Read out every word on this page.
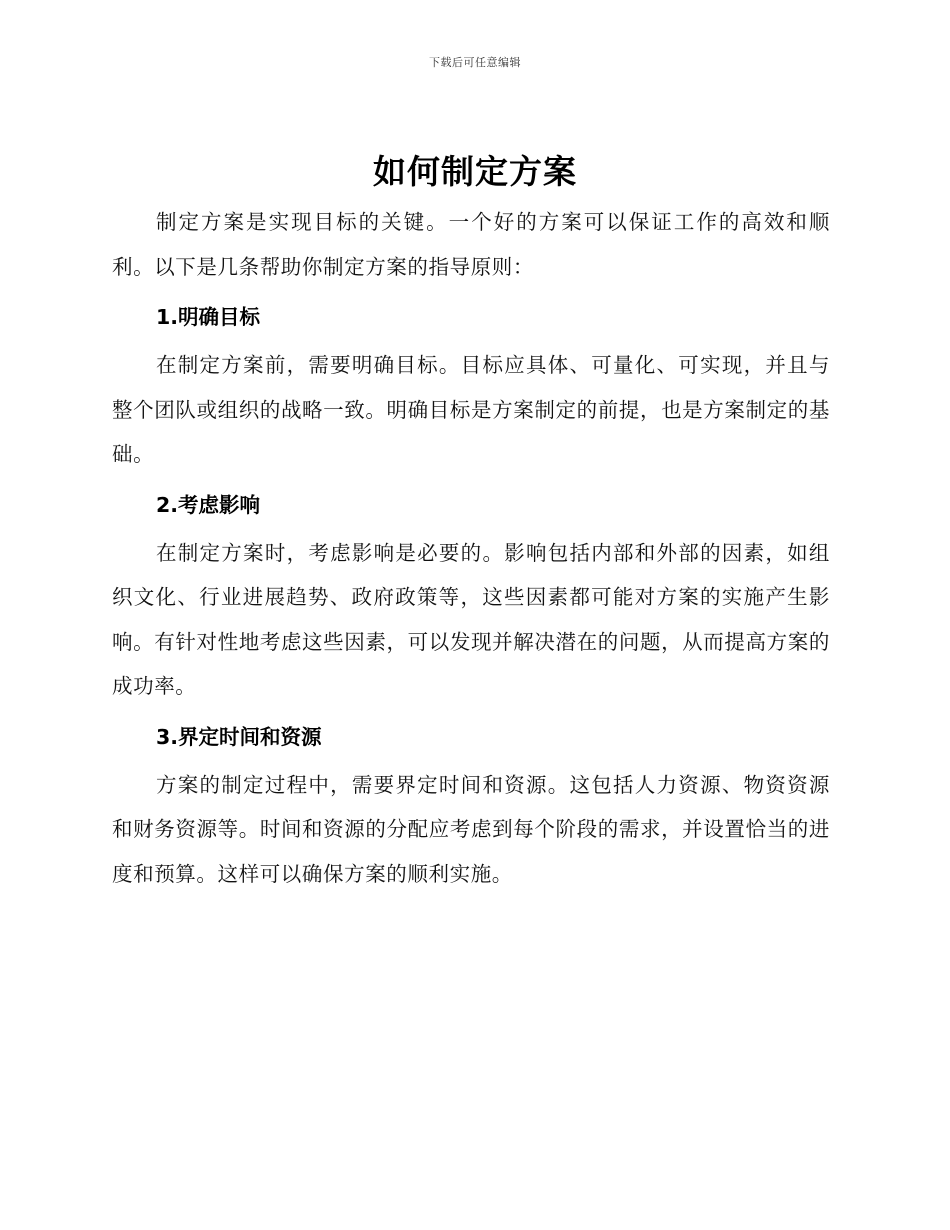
下载后可任意编辑
如何制定方案

制定方案是实现目标的关键。一个好的方案可以保证工作的高效和顺利。以下是几条帮助你制定方案的指导原则：

1.明确目标

在制定方案前，需要明确目标。目标应具体、可量化、可实现，并且与整个团队或组织的战略一致。明确目标是方案制定的前提，也是方案制定的基础。

2.考虑影响

在制定方案时，考虑影响是必要的。影响包括内部和外部的因素，如组织文化、行业进展趋势、政府政策等，这些因素都可能对方案的实施产生影响。有针对性地考虑这些因素，可以发现并解决潜在的问题，从而提高方案的成功率。

3.界定时间和资源

方案的制定过程中，需要界定时间和资源。这包括人力资源、物资资源和财务资源等。时间和资源的分配应考虑到每个阶段的需求，并设置恰当的进度和预算。这样可以确保方案的顺利实施。
